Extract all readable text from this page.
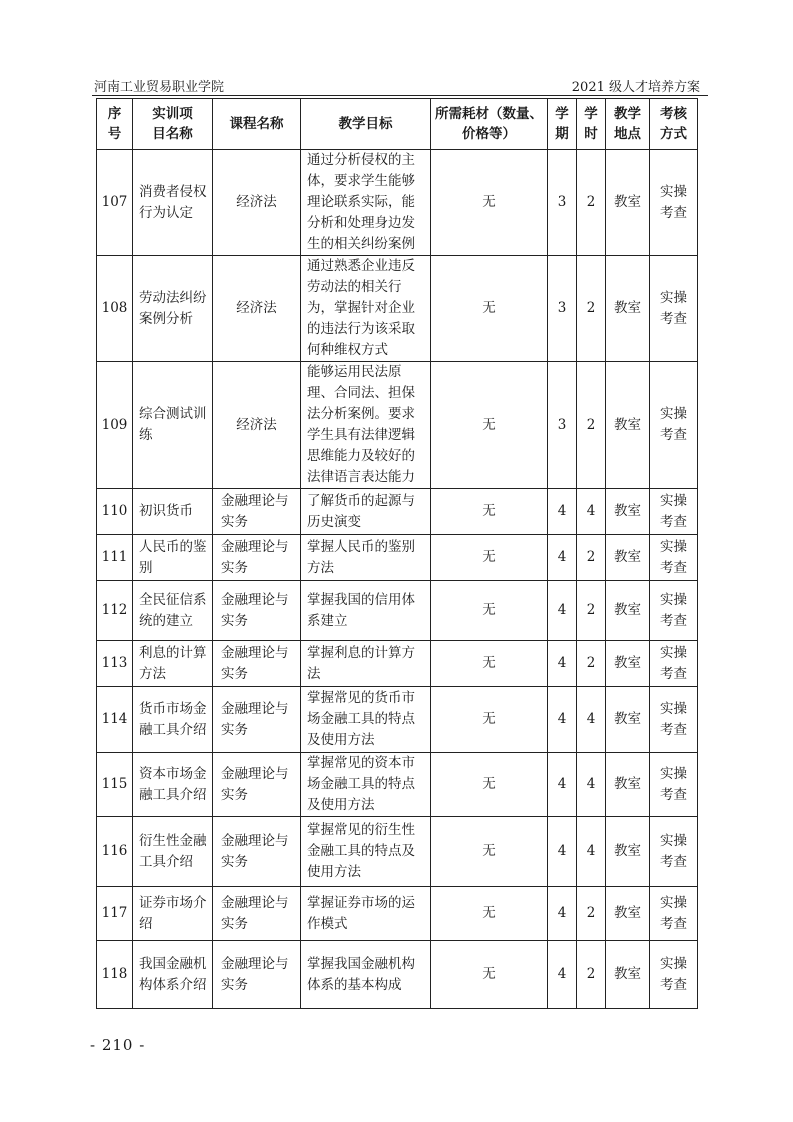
河南工业贸易职业学院	2021 级人才培养方案
序号	实训项目名称	课程名称	教学目标	所需耗材（数量、价格等）	学期	学时	教学地点	考核方式
107	消费者侵权行为认定	经济法	通过分析侵权的主体，要求学生能够理论联系实际，能分析和处理身边发生的相关纠纷案例	无	3	2	教室	实操考查
108	劳动法纠纷案例分析	经济法	通过熟悉企业违反劳动法的相关行为，掌握针对企业的违法行为该采取何种维权方式	无	3	2	教室	实操考查
109	综合测试训练	经济法	能够运用民法原理、合同法、担保法分析案例。要求学生具有法律逻辑思维能力及较好的法律语言表达能力	无	3	2	教室	实操考查
110	初识货币	金融理论与实务	了解货币的起源与历史演变	无	4	4	教室	实操考查
111	人民币的鉴别	金融理论与实务	掌握人民币的鉴别方法	无	4	2	教室	实操考查
112	全民征信系统的建立	金融理论与实务	掌握我国的信用体系建立	无	4	2	教室	实操考查
113	利息的计算方法	金融理论与实务	掌握利息的计算方法	无	4	2	教室	实操考查
114	货币市场金融工具介绍	金融理论与实务	掌握常见的货币市场金融工具的特点及使用方法	无	4	4	教室	实操考查
115	资本市场金融工具介绍	金融理论与实务	掌握常见的资本市场金融工具的特点及使用方法	无	4	4	教室	实操考查
116	衍生性金融工具介绍	金融理论与实务	掌握常见的衍生性金融工具的特点及使用方法	无	4	4	教室	实操考查
117	证券市场介绍	金融理论与实务	掌握证券市场的运作模式	无	4	2	教室	实操考查
118	我国金融机构体系介绍	金融理论与实务	掌握我国金融机构体系的基本构成	无	4	2	教室	实操考查
- 210 -
